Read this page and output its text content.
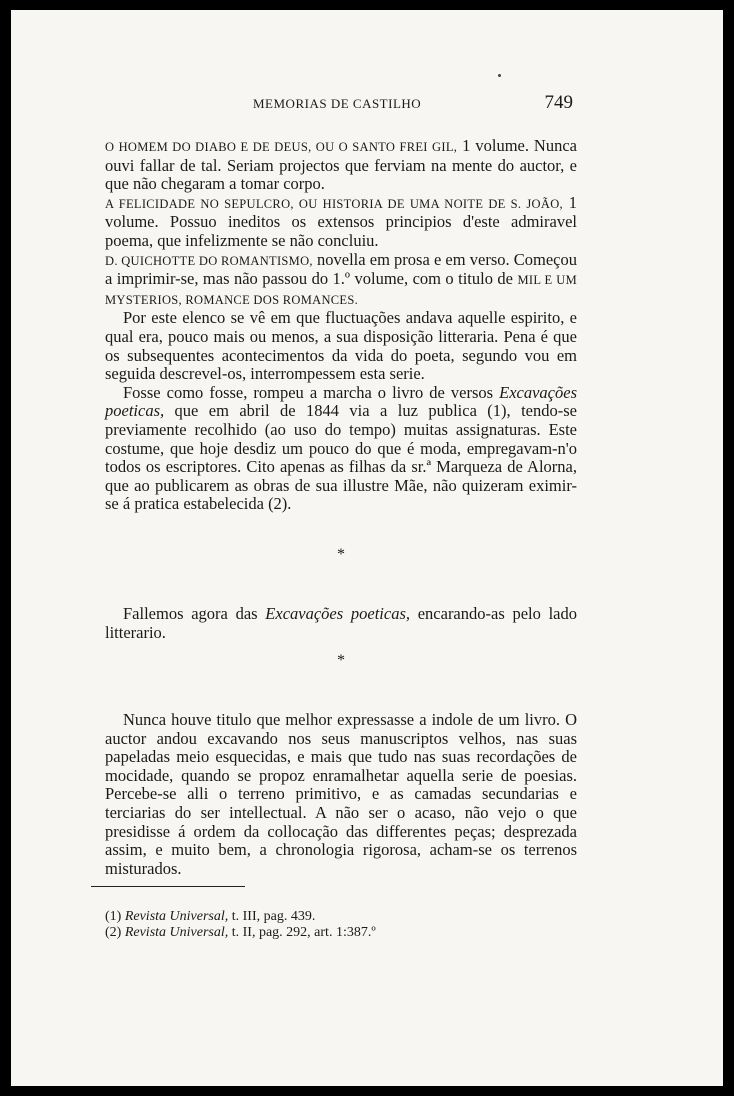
MEMORIAS DE CASTILHO	749

O HOMEM DO DIABO E DE DEUS, OU O SANTO FREI GIL, 1 volume. Nunca ouvi fallar de tal. Seriam projectos que ferviam na mente do auctor, e que não chegaram a tomar corpo.

A FELICIDADE NO SEPULCRO, OU HISTORIA DE UMA NOITE DE S. JOÃO, 1 volume. Possuo ineditos os extensos principios d'este admiravel poema, que infelizmente se não concluiu.

D. QUICHOTTE DO ROMANTISMO, novella em prosa e em verso. Começou a imprimir-se, mas não passou do 1.º volume, com o titulo de MIL E UM MYSTERIOS, ROMANCE DOS ROMANCES.

Por este elenco se vê em que fluctuações andava aquelle espirito, e qual era, pouco mais ou menos, a sua disposição litteraria. Pena é que os subsequentes acontecimentos da vida do poeta, segundo vou em seguida descrevel-os, interrompessem esta serie.

Fosse como fosse, rompeu a marcha o livro de versos Excavações poeticas, que em abril de 1844 via a luz publica (1), tendo-se previamente recolhido (ao uso do tempo) muitas assignaturas. Este costume, que hoje desdiz um pouco do que é moda, empregavam-n'o todos os escriptores. Cito apenas as filhas da sr.ª Marqueza de Alorna, que ao publicarem as obras de sua illustre Mãe, não quizeram eximir-se á pratica estabelecida (2).

*

Fallemos agora das Excavações poeticas, encarando-as pelo lado litterario.

*

Nunca houve titulo que melhor expressasse a indole de um livro. O auctor andou excavando nos seus manuscriptos velhos, nas suas papeladas meio esquecidas, e mais que tudo nas suas recordações de mocidade, quando se propoz enramalhetar aquella serie de poesias. Percebe-se alli o terreno primitivo, e as camadas secundarias e terciarias do ser intellectual. A não ser o acaso, não vejo o que presidisse á ordem da collocação das differentes peças; desprezada assim, e muito bem, a chronologia rigorosa, acham-se os terrenos misturados.

(1) Revista Universal, t. III, pag. 439.

(2) Revista Universal, t. II, pag. 292, art. 1:387.º
